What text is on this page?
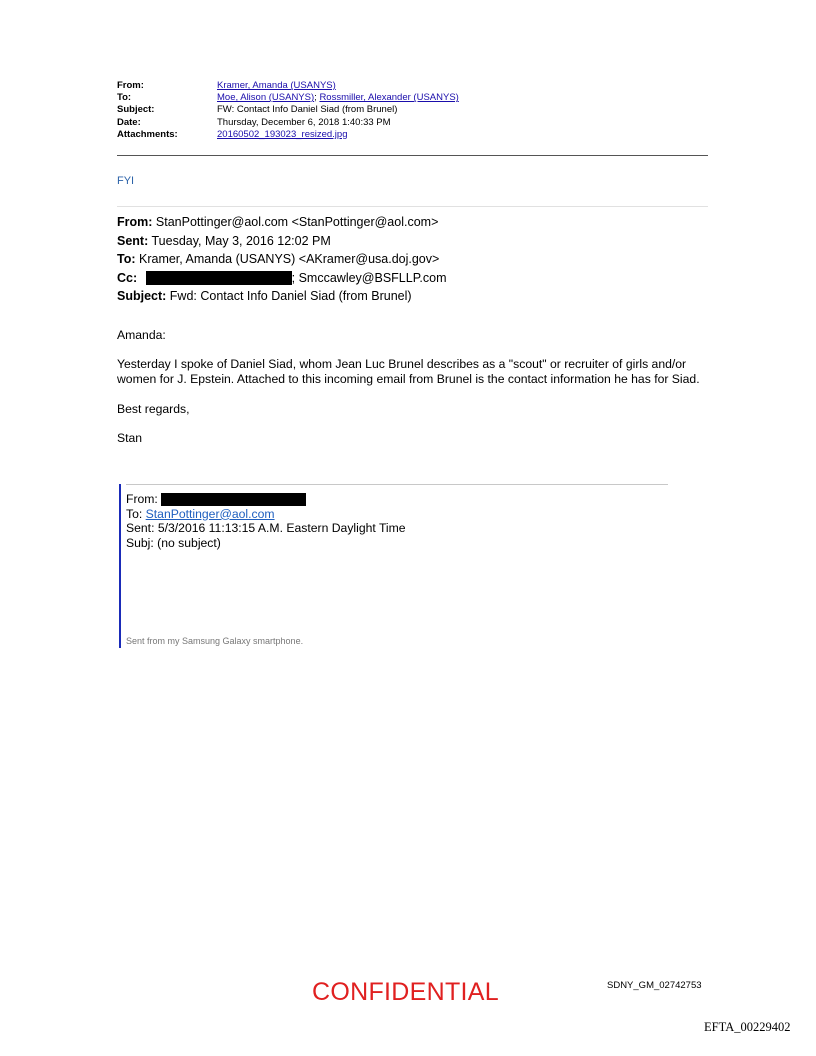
From:	Kramer, Amanda (USANYS)
To:	Moe, Alison (USANYS); Rossmiller, Alexander (USANYS)
Subject:	FW: Contact Info Daniel Siad (from Brunel)
Date:	Thursday, December 6, 2018 1:40:33 PM
Attachments:	20160502_193023_resized.jpg
FYI
From: StanPottinger@aol.com <StanPottinger@aol.com>
Sent: Tuesday, May 3, 2016 12:02 PM
To: Kramer, Amanda (USANYS) <AKramer@usa.doj.gov>
Cc:	; Smccawley@BSFLLP.com
Subject: Fwd: Contact Info Daniel Siad (from Brunel)

Amanda:

Yesterday I spoke of Daniel Siad, whom Jean Luc Brunel describes as a "scout" or recruiter of girls and/or women for J. Epstein. Attached to this incoming email from Brunel is the contact information he has for Siad.

Best regards,

Stan

From:
To: StanPottinger@aol.com
Sent: 5/3/2016 11:13:15 A.M. Eastern Daylight Time
Subj: (no subject)
Sent from my Samsung Galaxy smartphone.
CONFIDENTIAL	SDNY_GM_02742753
EFTA_00229402
